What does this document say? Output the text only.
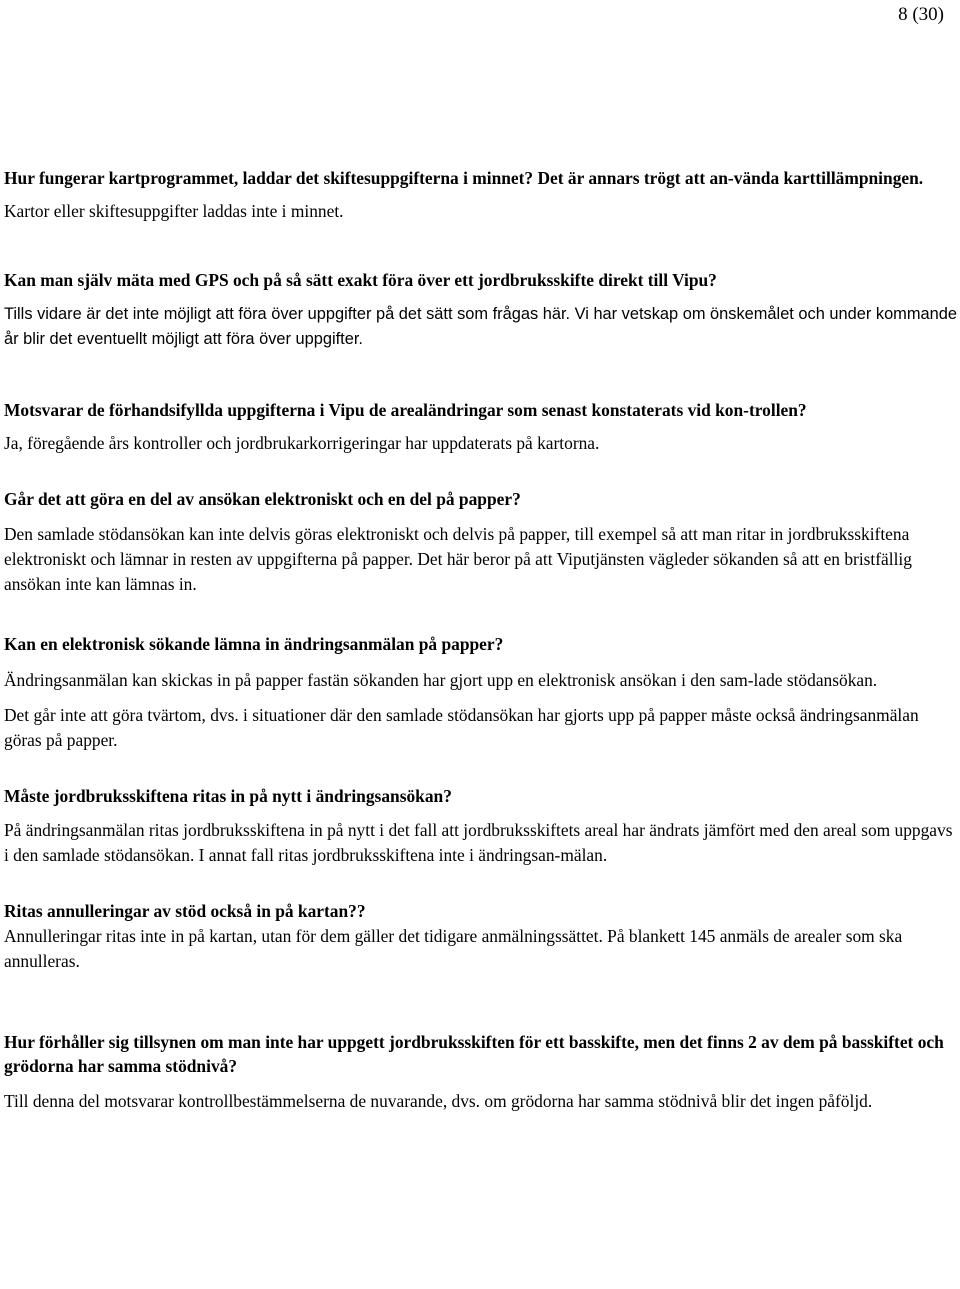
8 (30)

Hur fungerar kartprogrammet, laddar det skiftesuppgifterna i minnet? Det är annars trögt att an-vända karttillämpningen.

Kartor eller skiftesuppgifter laddas inte i minnet.

Kan man själv mäta med GPS och på så sätt exakt föra över ett jordbruksskifte direkt till Vipu?

Tills vidare är det inte möjligt att föra över uppgifter på det sätt som frågas här. Vi har vetskap om önskemålet och under kommande år blir det eventuellt möjligt att föra över uppgifter.

Motsvarar de förhandsifyllda uppgifterna i Vipu de arealändringar som senast konstaterats vid kon-trollen?

Ja, föregående års kontroller och jordbrukarkorrigeringar har uppdaterats på kartorna.

Går det att göra en del av ansökan elektroniskt och en del på papper?

Den samlade stödansökan kan inte delvis göras elektroniskt och delvis på papper, till exempel så att man ritar in jordbruksskiftena elektroniskt och lämnar in resten av uppgifterna på papper. Det här beror på att Viputjänsten vägleder sökanden så att en bristfällig ansökan inte kan lämnas in.

Kan en elektronisk sökande lämna in ändringsanmälan på papper?

Ändringsanmälan kan skickas in på papper fastän sökanden har gjort upp en elektronisk ansökan i den sam-lade stödansökan.

Det går inte att göra tvärtom, dvs. i situationer där den samlade stödansökan har gjorts upp på papper måste också ändringsanmälan göras på papper.

Måste jordbruksskiftena ritas in på nytt i ändringsansökan?

På ändringsanmälan ritas jordbruksskiftena in på nytt i det fall att jordbruksskiftets areal har ändrats jämfört med den areal som uppgavs i den samlade stödansökan. I annat fall ritas jordbruksskiftena inte i ändringsan-mälan.

Ritas annulleringar av stöd också in på kartan??

Annulleringar ritas inte in på kartan, utan för dem gäller det tidigare anmälningssättet. På blankett 145 anmäls de arealer som ska annulleras.

Hur förhåller sig tillsynen om man inte har uppgett jordbruksskiften för ett basskifte, men det finns 2 av dem på basskiftet och grödorna har samma stödnivå?

Till denna del motsvarar kontrollbestämmelserna de nuvarande, dvs. om grödorna har samma stödnivå blir det ingen påföljd.
